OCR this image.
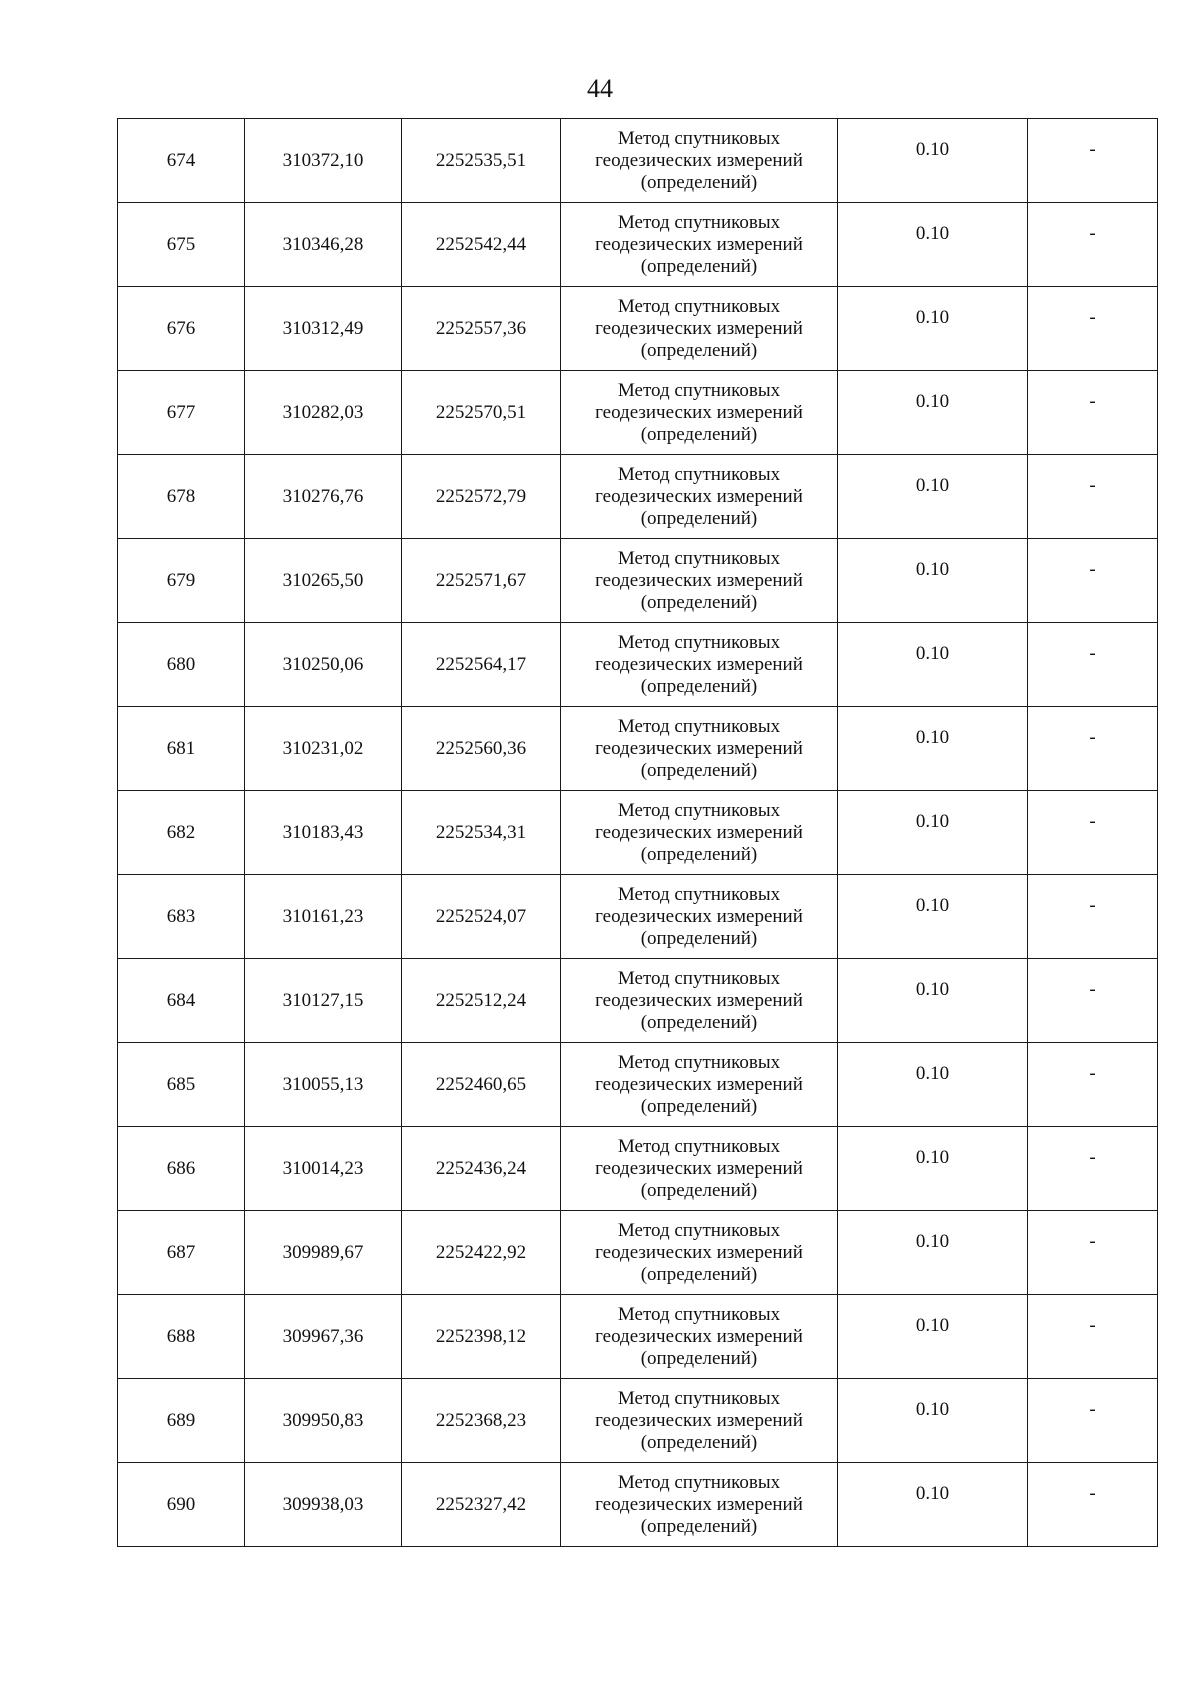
44
674	310372,10	2252535,51	Метод спутниковых
геодезических измерений
(определений)	0.10	-
675	310346,28	2252542,44	Метод спутниковых
геодезических измерений
(определений)	0.10	-
676	310312,49	2252557,36	Метод спутниковых
геодезических измерений
(определений)	0.10	-
677	310282,03	2252570,51	Метод спутниковых
геодезических измерений
(определений)	0.10	-
678	310276,76	2252572,79	Метод спутниковых
геодезических измерений
(определений)	0.10	-
679	310265,50	2252571,67	Метод спутниковых
геодезических измерений
(определений)	0.10	-
680	310250,06	2252564,17	Метод спутниковых
геодезических измерений
(определений)	0.10	-
681	310231,02	2252560,36	Метод спутниковых
геодезических измерений
(определений)	0.10	-
682	310183,43	2252534,31	Метод спутниковых
геодезических измерений
(определений)	0.10	-
683	310161,23	2252524,07	Метод спутниковых
геодезических измерений
(определений)	0.10	-
684	310127,15	2252512,24	Метод спутниковых
геодезических измерений
(определений)	0.10	-
685	310055,13	2252460,65	Метод спутниковых
геодезических измерений
(определений)	0.10	-
686	310014,23	2252436,24	Метод спутниковых
геодезических измерений
(определений)	0.10	-
687	309989,67	2252422,92	Метод спутниковых
геодезических измерений
(определений)	0.10	-
688	309967,36	2252398,12	Метод спутниковых
геодезических измерений
(определений)	0.10	-
689	309950,83	2252368,23	Метод спутниковых
геодезических измерений
(определений)	0.10	-
690	309938,03	2252327,42	Метод спутниковых
геодезических измерений
(определений)	0.10	-
